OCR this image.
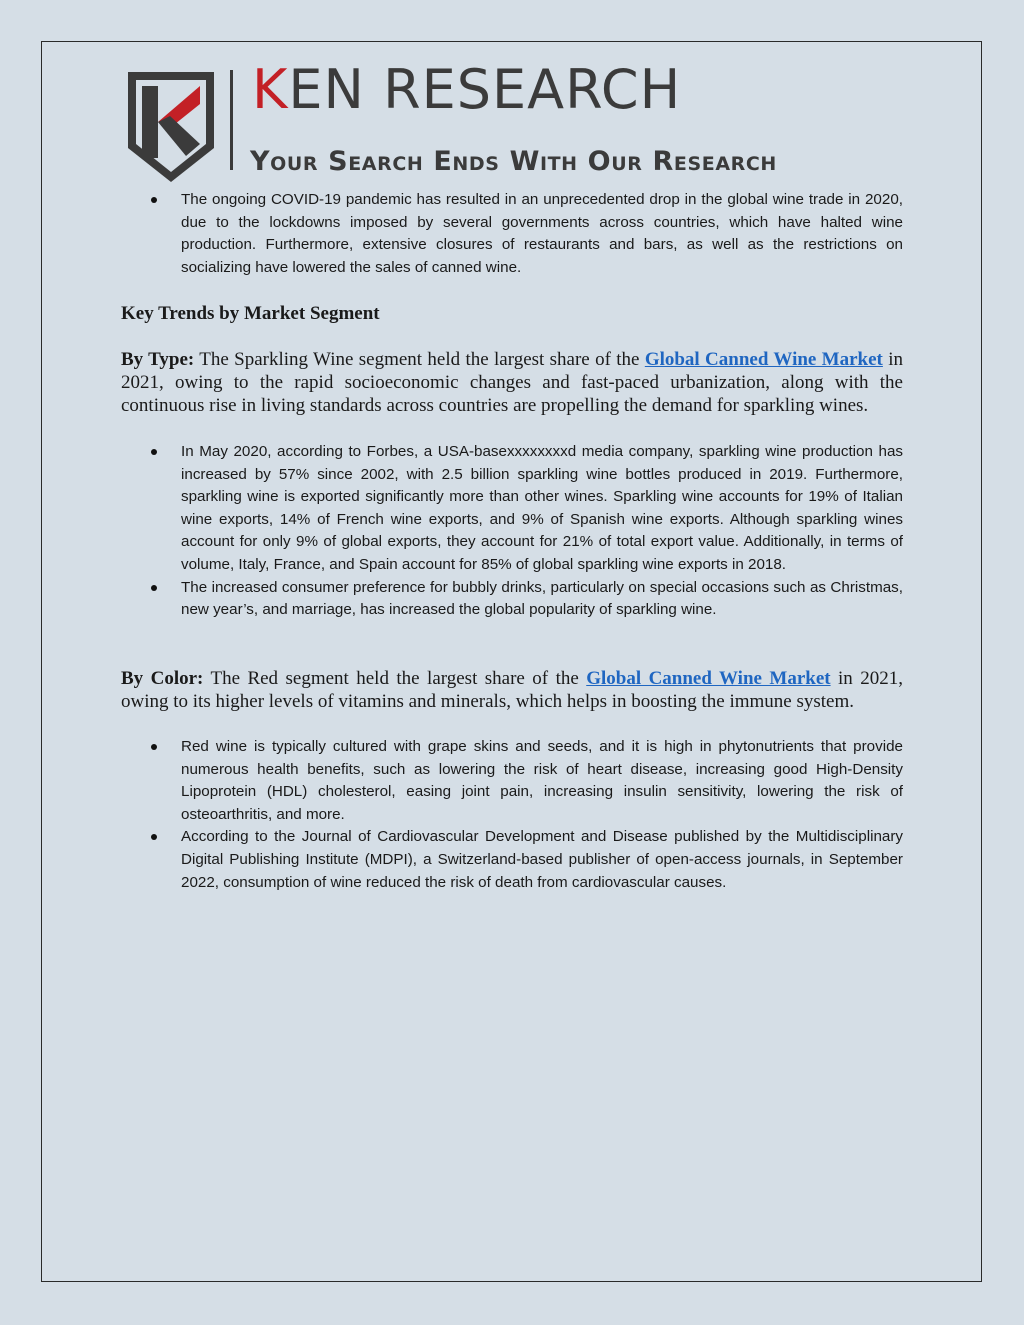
KEN RESEARCH
Your Search Ends With Our Research
The ongoing COVID-19 pandemic has resulted in an unprecedented drop in the global wine trade in 2020, due to the lockdowns imposed by several governments across countries, which have halted wine production. Furthermore, extensive closures of restaurants and bars, as well as the restrictions on socializing have lowered the sales of canned wine.
Key Trends by Market Segment

By Type: The Sparkling Wine segment held the largest share of the Global Canned Wine Market in 2021, owing to the rapid socioeconomic changes and fast-paced urbanization, along with the continuous rise in living standards across countries are propelling the demand for sparkling wines.

In May 2020, according to Forbes, a USA-basexxxxxxxxd media company, sparkling wine production has increased by 57% since 2002, with 2.5 billion sparkling wine bottles produced in 2019. Furthermore, sparkling wine is exported significantly more than other wines. Sparkling wine accounts for 19% of Italian wine exports, 14% of French wine exports, and 9% of Spanish wine exports. Although sparkling wines account for only 9% of global exports, they account for 21% of total export value. Additionally, in terms of volume, Italy, France, and Spain account for 85% of global sparkling wine exports in 2018.
The increased consumer preference for bubbly drinks, particularly on special occasions such as Christmas, new year’s, and marriage, has increased the global popularity of sparkling wine.

By Color: The Red segment held the largest share of the Global Canned Wine Market in 2021, owing to its higher levels of vitamins and minerals, which helps in boosting the immune system.

Red wine is typically cultured with grape skins and seeds, and it is high in phytonutrients that provide numerous health benefits, such as lowering the risk of heart disease, increasing good High-Density Lipoprotein (HDL) cholesterol, easing joint pain, increasing insulin sensitivity, lowering the risk of osteoarthritis, and more.
According to the Journal of Cardiovascular Development and Disease published by the Multidisciplinary Digital Publishing Institute (MDPI), a Switzerland-based publisher of open-access journals, in September 2022, consumption of wine reduced the risk of death from cardiovascular causes.
